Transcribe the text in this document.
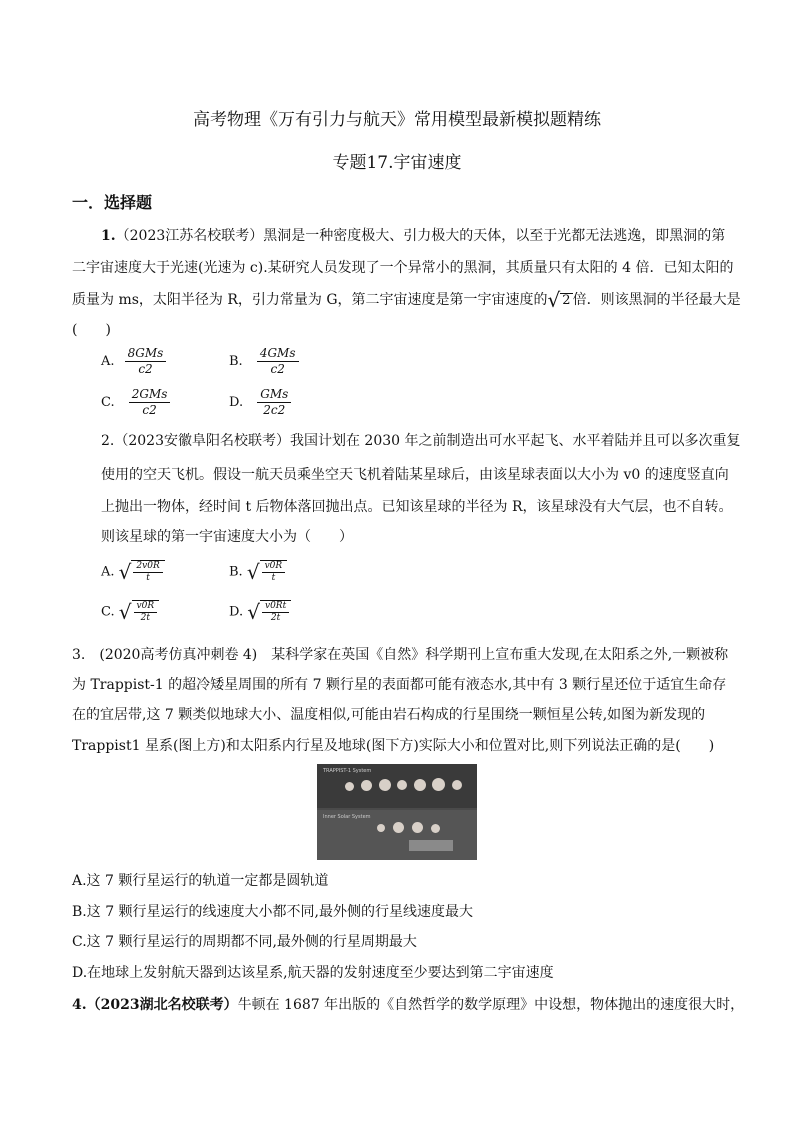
高考物理《万有引力与航天》常用模型最新模拟题精练
专题17.宇宙速度
一．选择题
1.（2023江苏名校联考）黑洞是一种密度极大、引力极大的天体，以至于光都无法逃逸，即黑洞的第
二宇宙速度大于光速(光速为 c).某研究人员发现了一个异常小的黑洞，其质量只有太阳的 4 倍．已知太阳的
质量为 ms，太阳半径为 R，引力常量为 G，第二宇宙速度是第一宇宙速度的 √ 2 倍．则该黑洞的半径最大是
(　　)
A. $\frac{\text{8GMs}}{c2}$	B. $\frac{\text{4GMs}}{c2}$
C. $\frac{\text{2GMs}}{c2}$	D. $\frac{\text{GMs}}{2c2}$
2.（2023安徽阜阳名校联考）我国计划在 2030 年之前制造出可水平起飞、水平着陆并且可以多次重复
使用的空天飞机。假设一航天员乘坐空天飞机着陆某星球后，由该星球表面以大小为 v0 的速度竖直向
上抛出一物体，经时间 t 后物体落回抛出点。已知该星球的半径为 R，该星球没有大气层，也不自转。
则该星球的第一宇宙速度大小为（　　）
A. √ $\frac{2v0R}{t}$	B. √ $\frac{v0R}{t}$
C. √ $\frac{v0R}{2t}$	D. √ $\frac{v0Rt}{2t}$
3.　(2020高考仿真冲刺卷 4)　某科学家在英国《自然》科学期刊上宣布重大发现,在太阳系之外,一颗被称
为 Trappist-1 的超冷矮星周围的所有 7 颗行星的表面都可能有液态水,其中有 3 颗行星还位于适宜生命存
在的宜居带,这 7 颗类似地球大小、温度相似,可能由岩石构成的行星围绕一颗恒星公转,如图为新发现的
Trappist1 星系(图上方)和太阳系内行星及地球(图下方)实际大小和位置对比,则下列说法正确的是(　　)
TRAPPIST-1 System
Inner Solar System
A.这 7 颗行星运行的轨道一定都是圆轨道
B.这 7 颗行星运行的线速度大小都不同,最外侧的行星线速度最大
C.这 7 颗行星运行的周期都不同,最外侧的行星周期最大
D.在地球上发射航天器到达该星系,航天器的发射速度至少要达到第二宇宙速度
4.（2023湖北名校联考）牛顿在 1687 年出版的《自然哲学的数学原理》中设想，物体抛出的速度很大时，
